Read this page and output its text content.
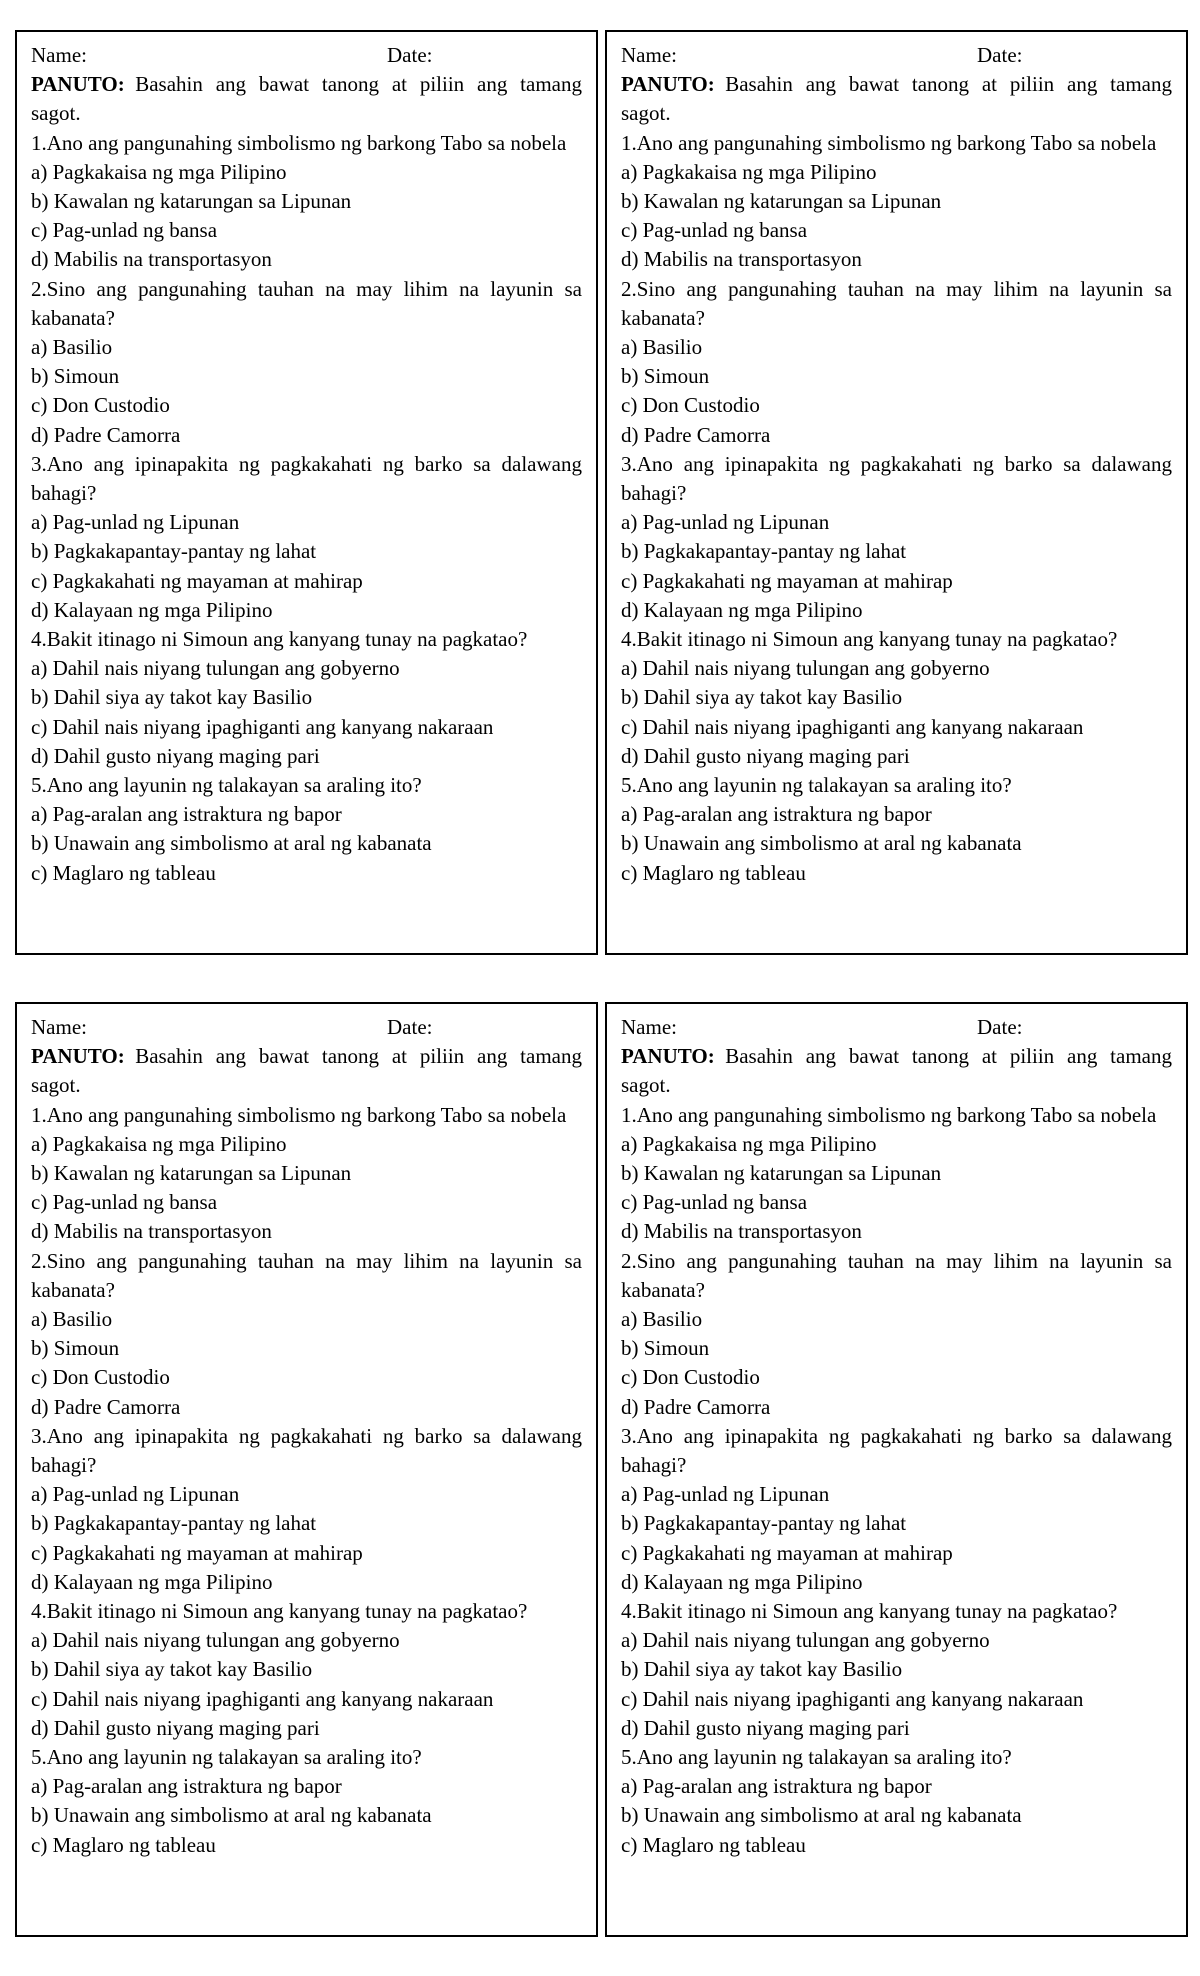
Name:	Date:
PANUTO: Basahin ang bawat tanong at piliin ang tamang sagot.
1.Ano ang pangunahing simbolismo ng barkong Tabo sa nobela
a) Pagkakaisa ng mga Pilipino
b) Kawalan ng katarungan sa Lipunan
c) Pag-unlad ng bansa
d) Mabilis na transportasyon
2.Sino ang pangunahing tauhan na may lihim na layunin sa kabanata?
a) Basilio
b) Simoun
c) Don Custodio
d) Padre Camorra
3.Ano ang ipinapakita ng pagkakahati ng barko sa dalawang bahagi?
a) Pag-unlad ng Lipunan
b) Pagkakapantay-pantay ng lahat
c) Pagkakahati ng mayaman at mahirap
d) Kalayaan ng mga Pilipino
4.Bakit itinago ni Simoun ang kanyang tunay na pagkatao?
a) Dahil nais niyang tulungan ang gobyerno
b) Dahil siya ay takot kay Basilio
c) Dahil nais niyang ipaghiganti ang kanyang nakaraan
d) Dahil gusto niyang maging pari
5.Ano ang layunin ng talakayan sa araling ito?
a) Pag-aralan ang istraktura ng bapor
b) Unawain ang simbolismo at aral ng kabanata
c) Maglaro ng tableau
Name:	Date:
PANUTO: Basahin ang bawat tanong at piliin ang tamang sagot.
1.Ano ang pangunahing simbolismo ng barkong Tabo sa nobela
a) Pagkakaisa ng mga Pilipino
b) Kawalan ng katarungan sa Lipunan
c) Pag-unlad ng bansa
d) Mabilis na transportasyon
2.Sino ang pangunahing tauhan na may lihim na layunin sa kabanata?
a) Basilio
b) Simoun
c) Don Custodio
d) Padre Camorra
3.Ano ang ipinapakita ng pagkakahati ng barko sa dalawang bahagi?
a) Pag-unlad ng Lipunan
b) Pagkakapantay-pantay ng lahat
c) Pagkakahati ng mayaman at mahirap
d) Kalayaan ng mga Pilipino
4.Bakit itinago ni Simoun ang kanyang tunay na pagkatao?
a) Dahil nais niyang tulungan ang gobyerno
b) Dahil siya ay takot kay Basilio
c) Dahil nais niyang ipaghiganti ang kanyang nakaraan
d) Dahil gusto niyang maging pari
5.Ano ang layunin ng talakayan sa araling ito?
a) Pag-aralan ang istraktura ng bapor
b) Unawain ang simbolismo at aral ng kabanata
c) Maglaro ng tableau
Name:	Date:
PANUTO: Basahin ang bawat tanong at piliin ang tamang sagot.
1.Ano ang pangunahing simbolismo ng barkong Tabo sa nobela
a) Pagkakaisa ng mga Pilipino
b) Kawalan ng katarungan sa Lipunan
c) Pag-unlad ng bansa
d) Mabilis na transportasyon
2.Sino ang pangunahing tauhan na may lihim na layunin sa kabanata?
a) Basilio
b) Simoun
c) Don Custodio
d) Padre Camorra
3.Ano ang ipinapakita ng pagkakahati ng barko sa dalawang bahagi?
a) Pag-unlad ng Lipunan
b) Pagkakapantay-pantay ng lahat
c) Pagkakahati ng mayaman at mahirap
d) Kalayaan ng mga Pilipino
4.Bakit itinago ni Simoun ang kanyang tunay na pagkatao?
a) Dahil nais niyang tulungan ang gobyerno
b) Dahil siya ay takot kay Basilio
c) Dahil nais niyang ipaghiganti ang kanyang nakaraan
d) Dahil gusto niyang maging pari
5.Ano ang layunin ng talakayan sa araling ito?
a) Pag-aralan ang istraktura ng bapor
b) Unawain ang simbolismo at aral ng kabanata
c) Maglaro ng tableau
Name:	Date:
PANUTO: Basahin ang bawat tanong at piliin ang tamang sagot.
1.Ano ang pangunahing simbolismo ng barkong Tabo sa nobela
a) Pagkakaisa ng mga Pilipino
b) Kawalan ng katarungan sa Lipunan
c) Pag-unlad ng bansa
d) Mabilis na transportasyon
2.Sino ang pangunahing tauhan na may lihim na layunin sa kabanata?
a) Basilio
b) Simoun
c) Don Custodio
d) Padre Camorra
3.Ano ang ipinapakita ng pagkakahati ng barko sa dalawang bahagi?
a) Pag-unlad ng Lipunan
b) Pagkakapantay-pantay ng lahat
c) Pagkakahati ng mayaman at mahirap
d) Kalayaan ng mga Pilipino
4.Bakit itinago ni Simoun ang kanyang tunay na pagkatao?
a) Dahil nais niyang tulungan ang gobyerno
b) Dahil siya ay takot kay Basilio
c) Dahil nais niyang ipaghiganti ang kanyang nakaraan
d) Dahil gusto niyang maging pari
5.Ano ang layunin ng talakayan sa araling ito?
a) Pag-aralan ang istraktura ng bapor
b) Unawain ang simbolismo at aral ng kabanata
c) Maglaro ng tableau
